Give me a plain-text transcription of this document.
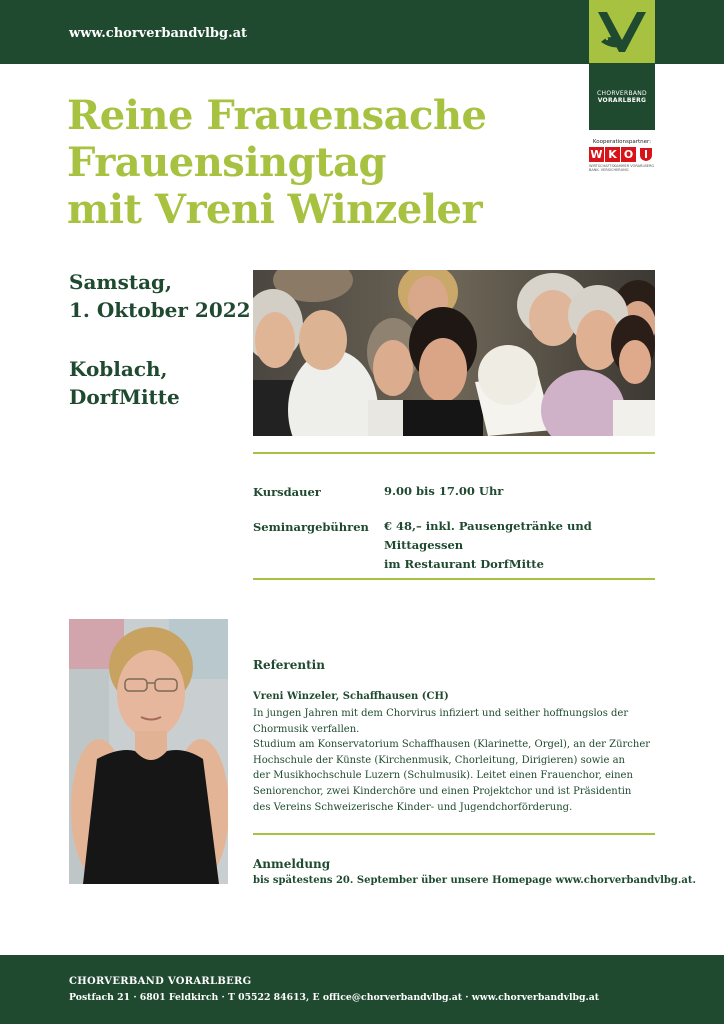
www.chorverbandvlbg.at
CHORVERBAND
VORARLBERG
Kooperationspartner:
W K O
WIRTSCHAFTSKAMMER VORARLBERG BANK- VERSICHERUNG
Reine Frauensache
Frauensingtag
mit Vreni Winzeler
Samstag,
1. Oktober 2022
Koblach,
DorfMitte
Kursdauer	9.00 bis 17.00 Uhr
Seminargebühren € 48,– inkl. Pausengetränke und Mittagessen
im Restaurant DorfMitte
Referentin
Vreni Winzeler, Schaffhausen (CH)
In jungen Jahren mit dem Chorvirus infiziert und seither hoffnungslos der
Chormusik verfallen.
Studium am Konservatorium Schaffhausen (Klarinette, Orgel), an der Zürcher
Hochschule der Künste (Kirchenmusik, Chorleitung, Dirigieren) sowie an
der Musikhochschule Luzern (Schulmusik). Leitet einen Frauenchor, einen
Seniorenchor, zwei Kinderchöre und einen Projektchor und ist Präsidentin
des Vereins Schweizerische Kinder- und Jugendchorförderung.
Anmeldung
bis spätestens 20. September über unsere Homepage www.chorverbandvlbg.at.
CHORVERBAND VORARLBERG
Postfach 21 · 6801 Feldkirch · T 05522 84613, E office@chorverbandvlbg.at · www.chorverbandvlbg.at
